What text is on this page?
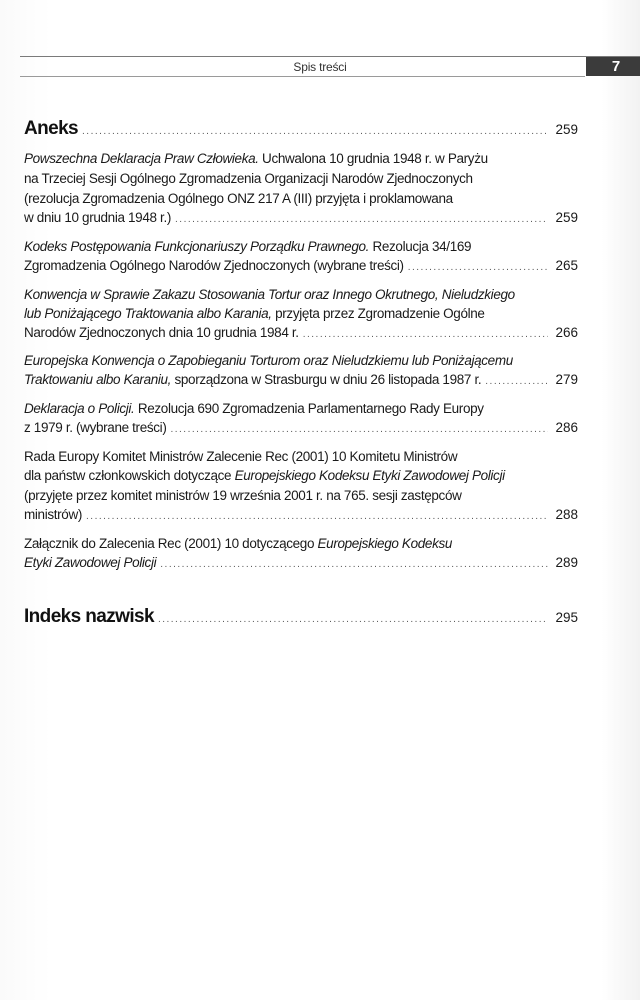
Spis treści	7
Aneks .....	259
Powszechna Deklaracja Praw Człowieka. Uchwalona 10 grudnia 1948 r. w Paryżu
na Trzeciej Sesji Ogólnego Zgromadzenia Organizacji Narodów Zjednoczonych
(rezolucja Zgromadzenia Ogólnego ONZ 217 A (III) przyjęta i proklamowana
w dniu 10 grudnia 1948 r.) .....	259
Kodeks Postępowania Funkcjonariuszy Porządku Prawnego. Rezolucja 34/169
Zgromadzenia Ogólnego Narodów Zjednoczonych (wybrane treści) .....	265
Konwencja w Sprawie Zakazu Stosowania Tortur oraz Innego Okrutnego, Nieludzkiego
lub Poniżającego Traktowania albo Karania, przyjęta przez Zgromadzenie Ogólne
Narodów Zjednoczonych dnia 10 grudnia 1984 r. .....	266
Europejska Konwencja o Zapobieganiu Torturom oraz Nieludzkiemu lub Poniżającemu
Traktowaniu albo Karaniu, sporządzona w Strasburgu w dniu 26 listopada 1987 r. .....	279
Deklaracja o Policji. Rezolucja 690 Zgromadzenia Parlamentarnego Rady Europy
z 1979 r. (wybrane treści) .....	286
Rada Europy Komitet Ministrów Zalecenie Rec (2001) 10 Komitetu Ministrów
dla państw członkowskich dotyczące Europejskiego Kodeksu Etyki Zawodowej Policji
(przyjęte przez komitet ministrów 19 września 2001 r. na 765. sesji zastępców
ministrów) .....	288
Załącznik do Zalecenia Rec (2001) 10 dotyczącego Europejskiego Kodeksu
Etyki Zawodowej Policji .....	289
Indeks nazwisk .....	295
